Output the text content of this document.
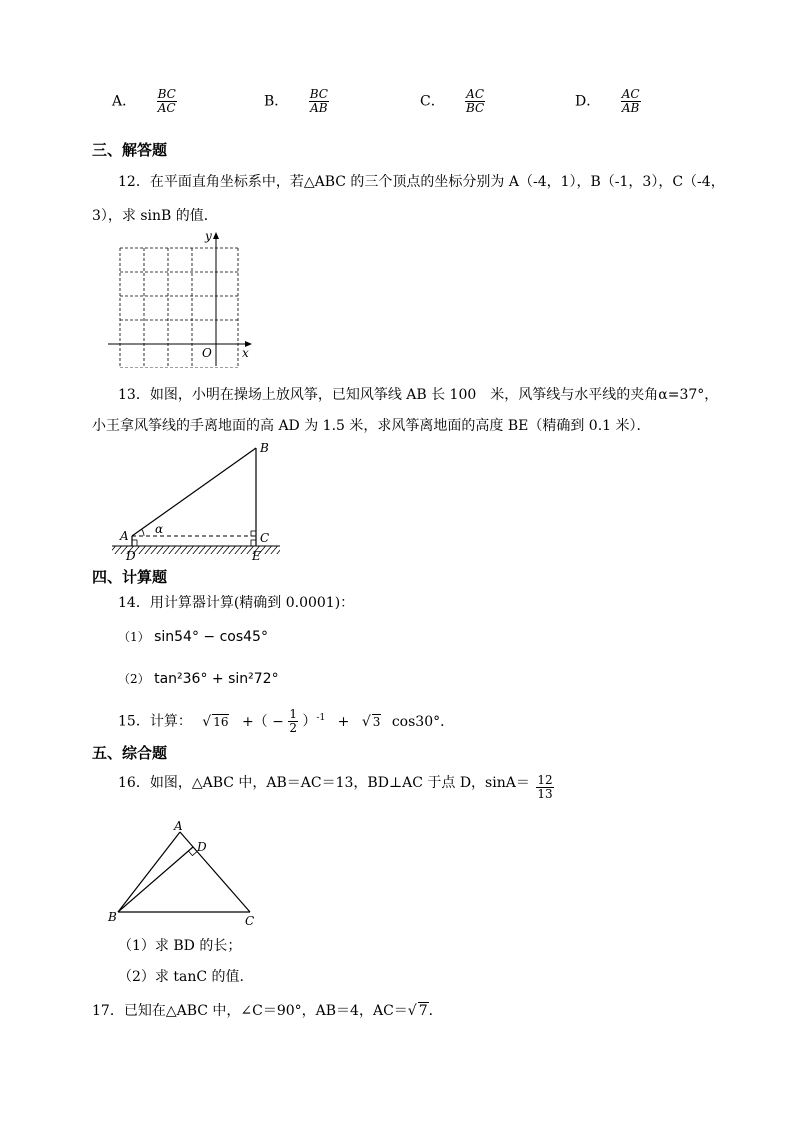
A． $\frac{BC}{AC}$	B． $\frac{BC}{AB}$	C． $\frac{AC}{BC}$	D． $\frac{AC}{AB}$
三、解答题
12．在平面直角坐标系中，若△ABC 的三个顶点的坐标分别为 A（-4，1），B（-1，3），C（-4，
3），求 sinB 的值．
y
O	x
13．如图，小明在操场上放风筝，已知风筝线 AB 长 100　米，风筝线与水平线的夹角α=37°，
小王拿风筝线的手离地面的高 AD 为 1.5 米，求风筝离地面的高度 BE（精确到 0.1 米）．
B
A α
C
D	E
四、计算题
14．用计算器计算(精确到 0.0001)：
（1） sin54° − cos45°
（2） tan²36° + sin²72°
15．计算： √ 16 +（ − $\frac{1}{2} )^{-1}$ + √ 3 cos30°．
五、综合题
16．如图，△ABC 中，AB＝AC＝13，BD⊥AC 于点 D，$\sin A= \frac{12}{13}$
A
D
B	C
（1）求 BD 的长；
（2）求 tanC 的值.
17．已知在△ABC 中，∠C＝90°，AB＝4，AC＝√ 7．
